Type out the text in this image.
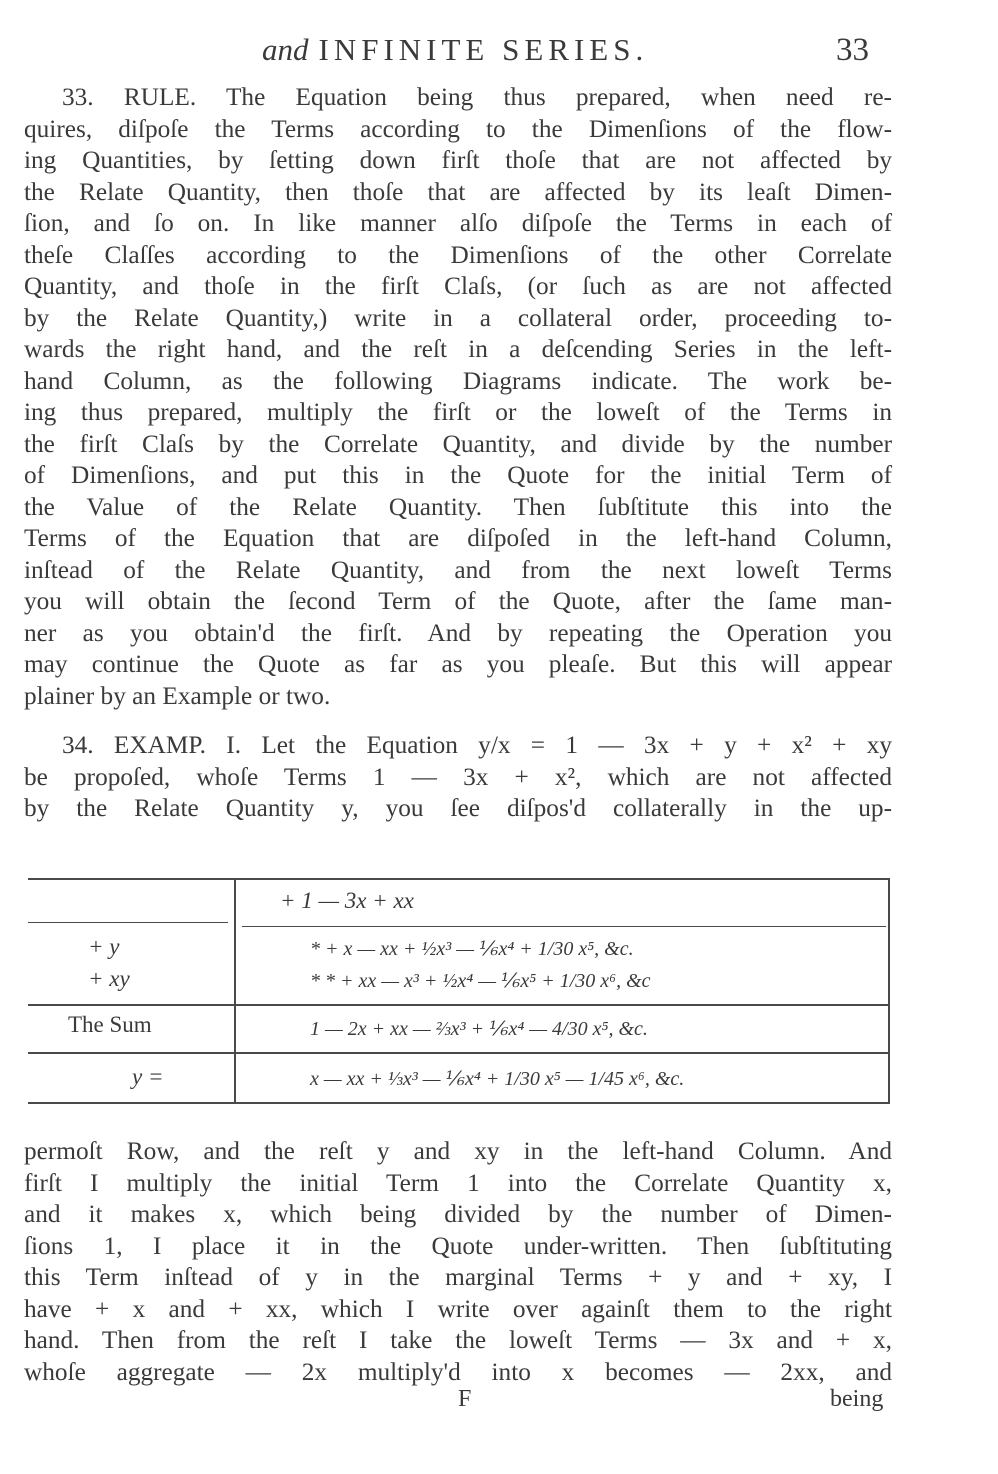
and INFINITE SERIES.	33
33. RULE. The Equation being thus prepared, when need re-
quires, diſpoſe the Terms according to the Dimenſions of the flow-
ing Quantities, by ſetting down firſt thoſe that are not affected by
the Relate Quantity, then thoſe that are affected by its leaſt Dimen-
ſion, and ſo on. In like manner alſo diſpoſe the Terms in each of
theſe Claſſes according to the Dimenſions of the other Correlate
Quantity, and thoſe in the firſt Claſs, (or ſuch as are not affected
by the Relate Quantity,) write in a collateral order, proceeding to-
wards the right hand, and the reſt in a deſcending Series in the left-
hand Column, as the following Diagrams indicate. The work be-
ing thus prepared, multiply the firſt or the loweſt of the Terms in
the firſt Claſs by the Correlate Quantity, and divide by the number
of Dimenſions, and put this in the Quote for the initial Term of
the Value of the Relate Quantity. Then ſubſtitute this into the
Terms of the Equation that are diſpoſed in the left-hand Column,
inſtead of the Relate Quantity, and from the next loweſt Terms
you will obtain the ſecond Term of the Quote, after the ſame man-
ner as you obtain'd the firſt. And by repeating the Operation you
may continue the Quote as far as you pleaſe. But this will appear
plainer by an Example or two.
34. EXAMP. I. Let the Equation y/x = 1 — 3x + y + x² + xy
be propoſed, whoſe Terms 1 — 3x + x², which are not affected
by the Relate Quantity y, you ſee diſpos'd collaterally in the up-
+ y
+ xy
The Sum
y =
+ 1 — 3x + xx
* + x — xx + ½x³ — ⅙x⁴ + 1/30 x⁵, &c.
* * + xx — x³ + ½x⁴ — ⅙x⁵ + 1/30 x⁶, &c
1 — 2x + xx — ⅔x³ + ⅙x⁴ — 4/30 x⁵, &c.
x — xx + ⅓x³ — ⅙x⁴ + 1/30 x⁵ — 1/45 x⁶, &c.
permoſt Row, and the reſt y and xy in the left-hand Column. And
firſt I multiply the initial Term 1 into the Correlate Quantity x,
and it makes x, which being divided by the number of Dimen-
ſions 1, I place it in the Quote under-written. Then ſubſtituting
this Term inſtead of y in the marginal Terms + y and + xy, I
have + x and + xx, which I write over againſt them to the right
hand. Then from the reſt I take the loweſt Terms — 3x and + x,
whoſe aggregate — 2x multiply'd into x becomes — 2xx, and
F	being
